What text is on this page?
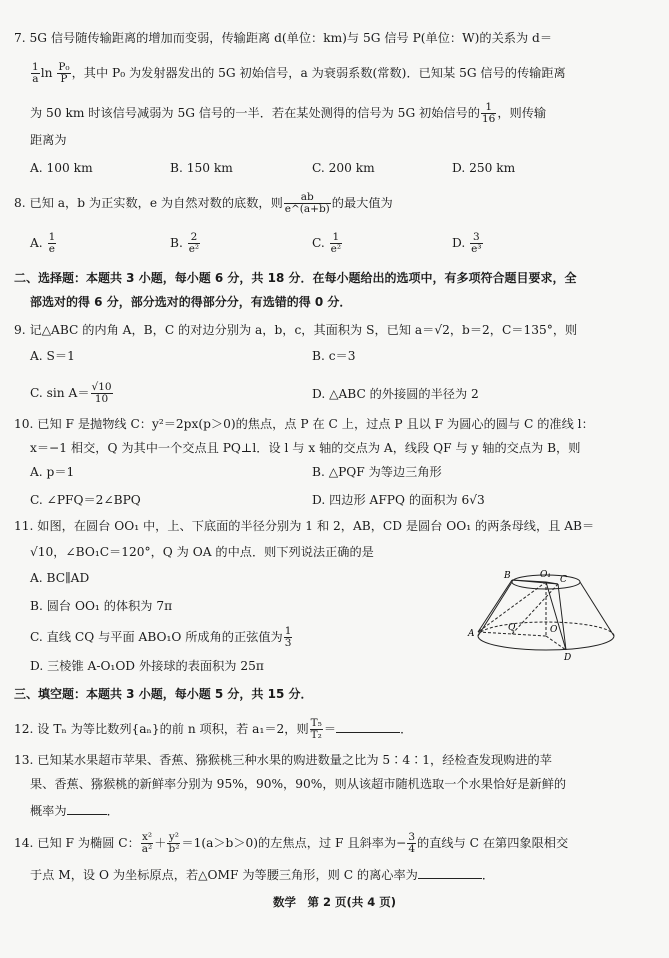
7. 5G 信号随传输距离的增加而变弱，传输距离 d(单位：km)与 5G 信号 P(单位：W)的关系为 d＝
$\frac{1}{a}$ $\ln \frac{\text{P₀}}{P}$ ，其中 P₀ 为发射器发出的 5G 初始信号，a 为衰弱系数(常数)．已知某 5G 信号的传输距离
为 50 km 时该信号减弱为 5G 信号的一半．若在某处测得的信号为 5G 初始信号的 $\frac{1}{16}$ ，则传输
距离为
A. 100 km	B. 150 km	C. 200 km	D. 250 km
8. 已知 a，b 为正实数，e 为自然对数的底数，则 $\frac{ab}{e\^{}(a+b)}$ 的最大值为
A. $\frac{1}{e}$	B. $\frac{2}{\text{e²}}$	C. $\frac{1}{\text{e²}}$	D. $\frac{3}{\text{e³}}$
二、选择题：本题共 3 小题，每小题 6 分，共 18 分．在每小题给出的选项中，有多项符合题目要求，全
部选对的得 6 分，部分选对的得部分分，有选错的得 0 分．
9. 记△ABC 的内角 A，B，C 的对边分别为 a，b，c，其面积为 S，已知 a＝√2，b＝2，C＝135°，则
A. S＝1	B. c＝3
C. $\sin A= \frac{√10}{10}$	D. △ABC 的外接圆的半径为 2
10. 已知 F 是抛物线 C：y²＝2px(p＞0)的焦点，点 P 在 C 上，过点 P 且以 F 为圆心的圆与 C 的准线 l：
x＝−1 相交，Q 为其中一个交点且 PQ⊥l．设 l 与 x 轴的交点为 A，线段 QF 与 y 轴的交点为 B，则
A. p＝1	B. △PQF 为等边三角形
C. ∠PFQ＝2∠BPQ	D. 四边形 AFPQ 的面积为 6√3
11. 如图，在圆台 OO₁ 中，上、下底面的半径分别为 1 和 2，AB，CD 是圆台 OO₁ 的两条母线，且 AB＝
√10，∠BO₁C＝120°，Q 为 OA 的中点．则下列说法正确的是
A. BC∥AD
B. 圆台 OO₁ 的体积为 7π
C. 直线 CQ 与平面 ABO₁O 所成角的正弦值为 $\frac{1}{3}$
D. 三棱锥 A-O₁OD 外接球的表面积为 25π
B	O₁ C
Q	O
A
D
三、填空题：本题共 3 小题，每小题 5 分，共 15 分．
12. 设 Tₙ 为等比数列{aₙ}的前 n 项积，若 a₁＝2，则 $\frac{\text{T₅}}{\text{T₂}}$ ＝	．
13. 已知某水果超市苹果、香蕉、猕猴桃三种水果的购进数量之比为 5∶4∶1，经检查发现购进的苹
果、香蕉、猕猴桃的新鲜率分别为 95%，90%，90%，则从该超市随机选取一个水果恰好是新鲜的
概率为	．
14. 已知 F 为椭圆 C： $\frac{\text{x²}}{\text{a²}} + \frac{\text{y²}}{\text{b²}} =1(a>b>0)$的左焦点，过 F 且斜率为− $\frac{3}{4}$ 的直线与 C 在第四象限相交
于点 M，设 O 为坐标原点，若△OMF 为等腰三角形，则 C 的离心率为	．
数学　第 2 页(共 4 页)
